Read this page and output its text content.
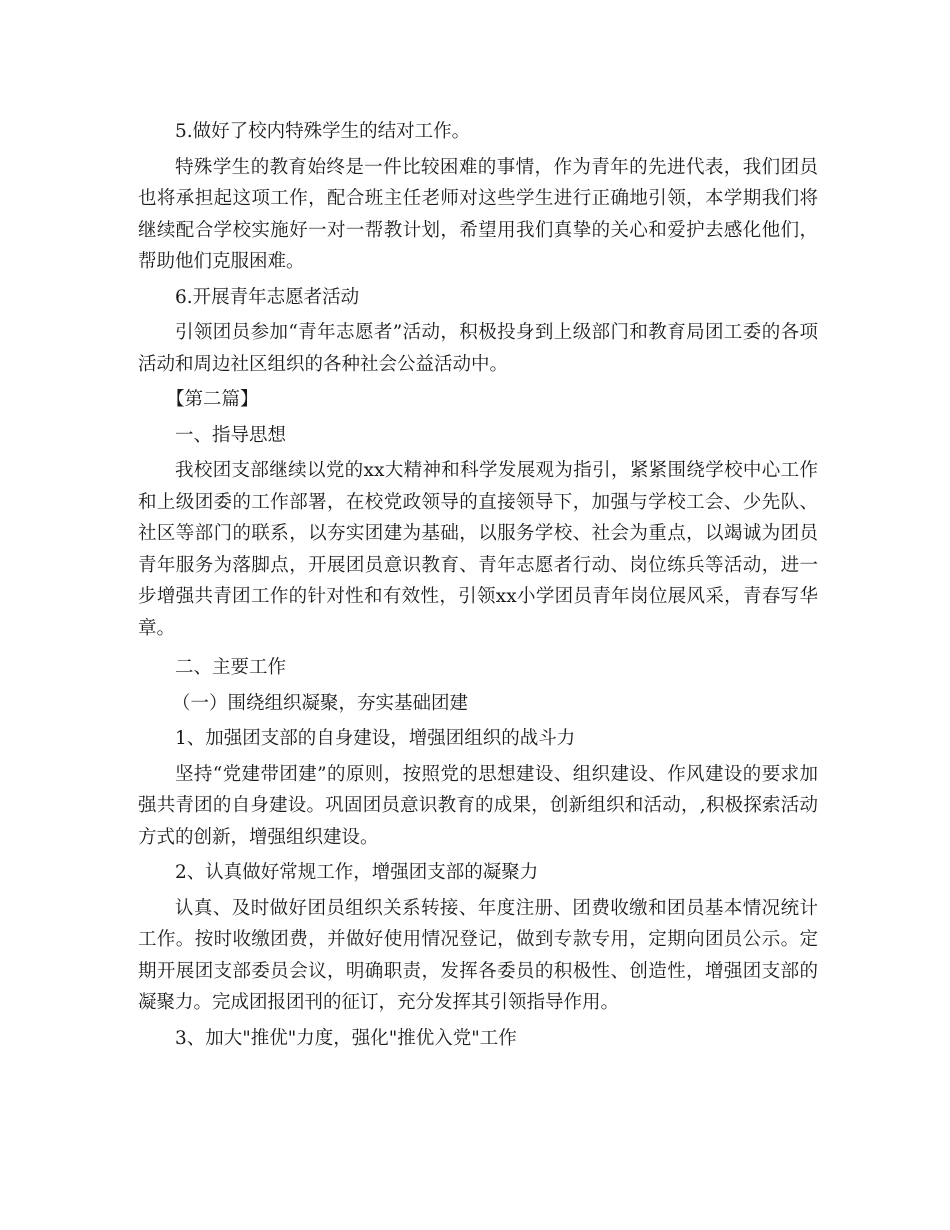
5.做好了校内特殊学生的结对工作。

特殊学生的教育始终是一件比较困难的事情，作为青年的先进代表，我们团员也将承担起这项工作，配合班主任老师对这些学生进行正确地引领，本学期我们将继续配合学校实施好一对一帮教计划，希望用我们真挚的关心和爱护去感化他们，帮助他们克服困难。

6.开展青年志愿者活动

引领团员参加“青年志愿者”活动，积极投身到上级部门和教育局团工委的各项活动和周边社区组织的各种社会公益活动中。

【第二篇】

一、指导思想

我校团支部继续以党的xx大精神和科学发展观为指引，紧紧围绕学校中心工作和上级团委的工作部署，在校党政领导的直接领导下，加强与学校工会、少先队、社区等部门的联系，以夯实团建为基础，以服务学校、社会为重点，以竭诚为团员青年服务为落脚点，开展团员意识教育、青年志愿者行动、岗位练兵等活动，进一步增强共青团工作的针对性和有效性，引领xx小学团员青年岗位展风采，青春写华章。

二、主要工作

（一）围绕组织凝聚，夯实基础团建

1、加强团支部的自身建设，增强团组织的战斗力

坚持“党建带团建”的原则，按照党的思想建设、组织建设、作风建设的要求加强共青团的自身建设。巩固团员意识教育的成果，创新组织和活动，,积极探索活动方式的创新，增强组织建设。

2、认真做好常规工作，增强团支部的凝聚力

认真、及时做好团员组织关系转接、年度注册、团费收缴和团员基本情况统计工作。按时收缴团费，并做好使用情况登记，做到专款专用，定期向团员公示。定期开展团支部委员会议，明确职责，发挥各委员的积极性、创造性，增强团支部的凝聚力。完成团报团刊的征订，充分发挥其引领指导作用。

3、加大"推优"力度，强化"推优入党"工作
